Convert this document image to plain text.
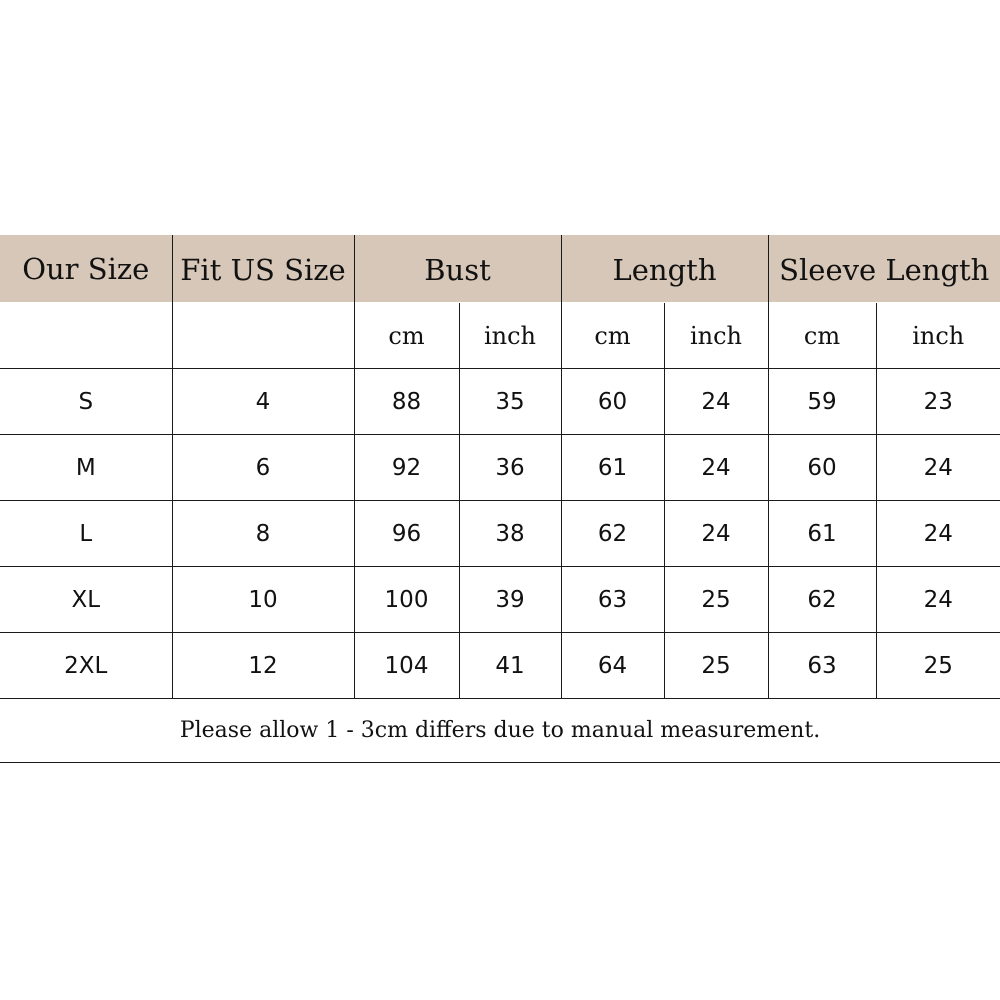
Our Size	Fit US Size	Bust		Length		Sleeve Length	
		cm	inch	cm	inch	cm	inch
S	4	88	35	60	24	59	23
M	6	92	36	61	24	60	24
L	8	96	38	62	24	61	24
XL	10	100	39	63	25	62	24
2XL	12	104	41	64	25	63	25
Please allow 1 - 3cm differs due to manual measurement.							
